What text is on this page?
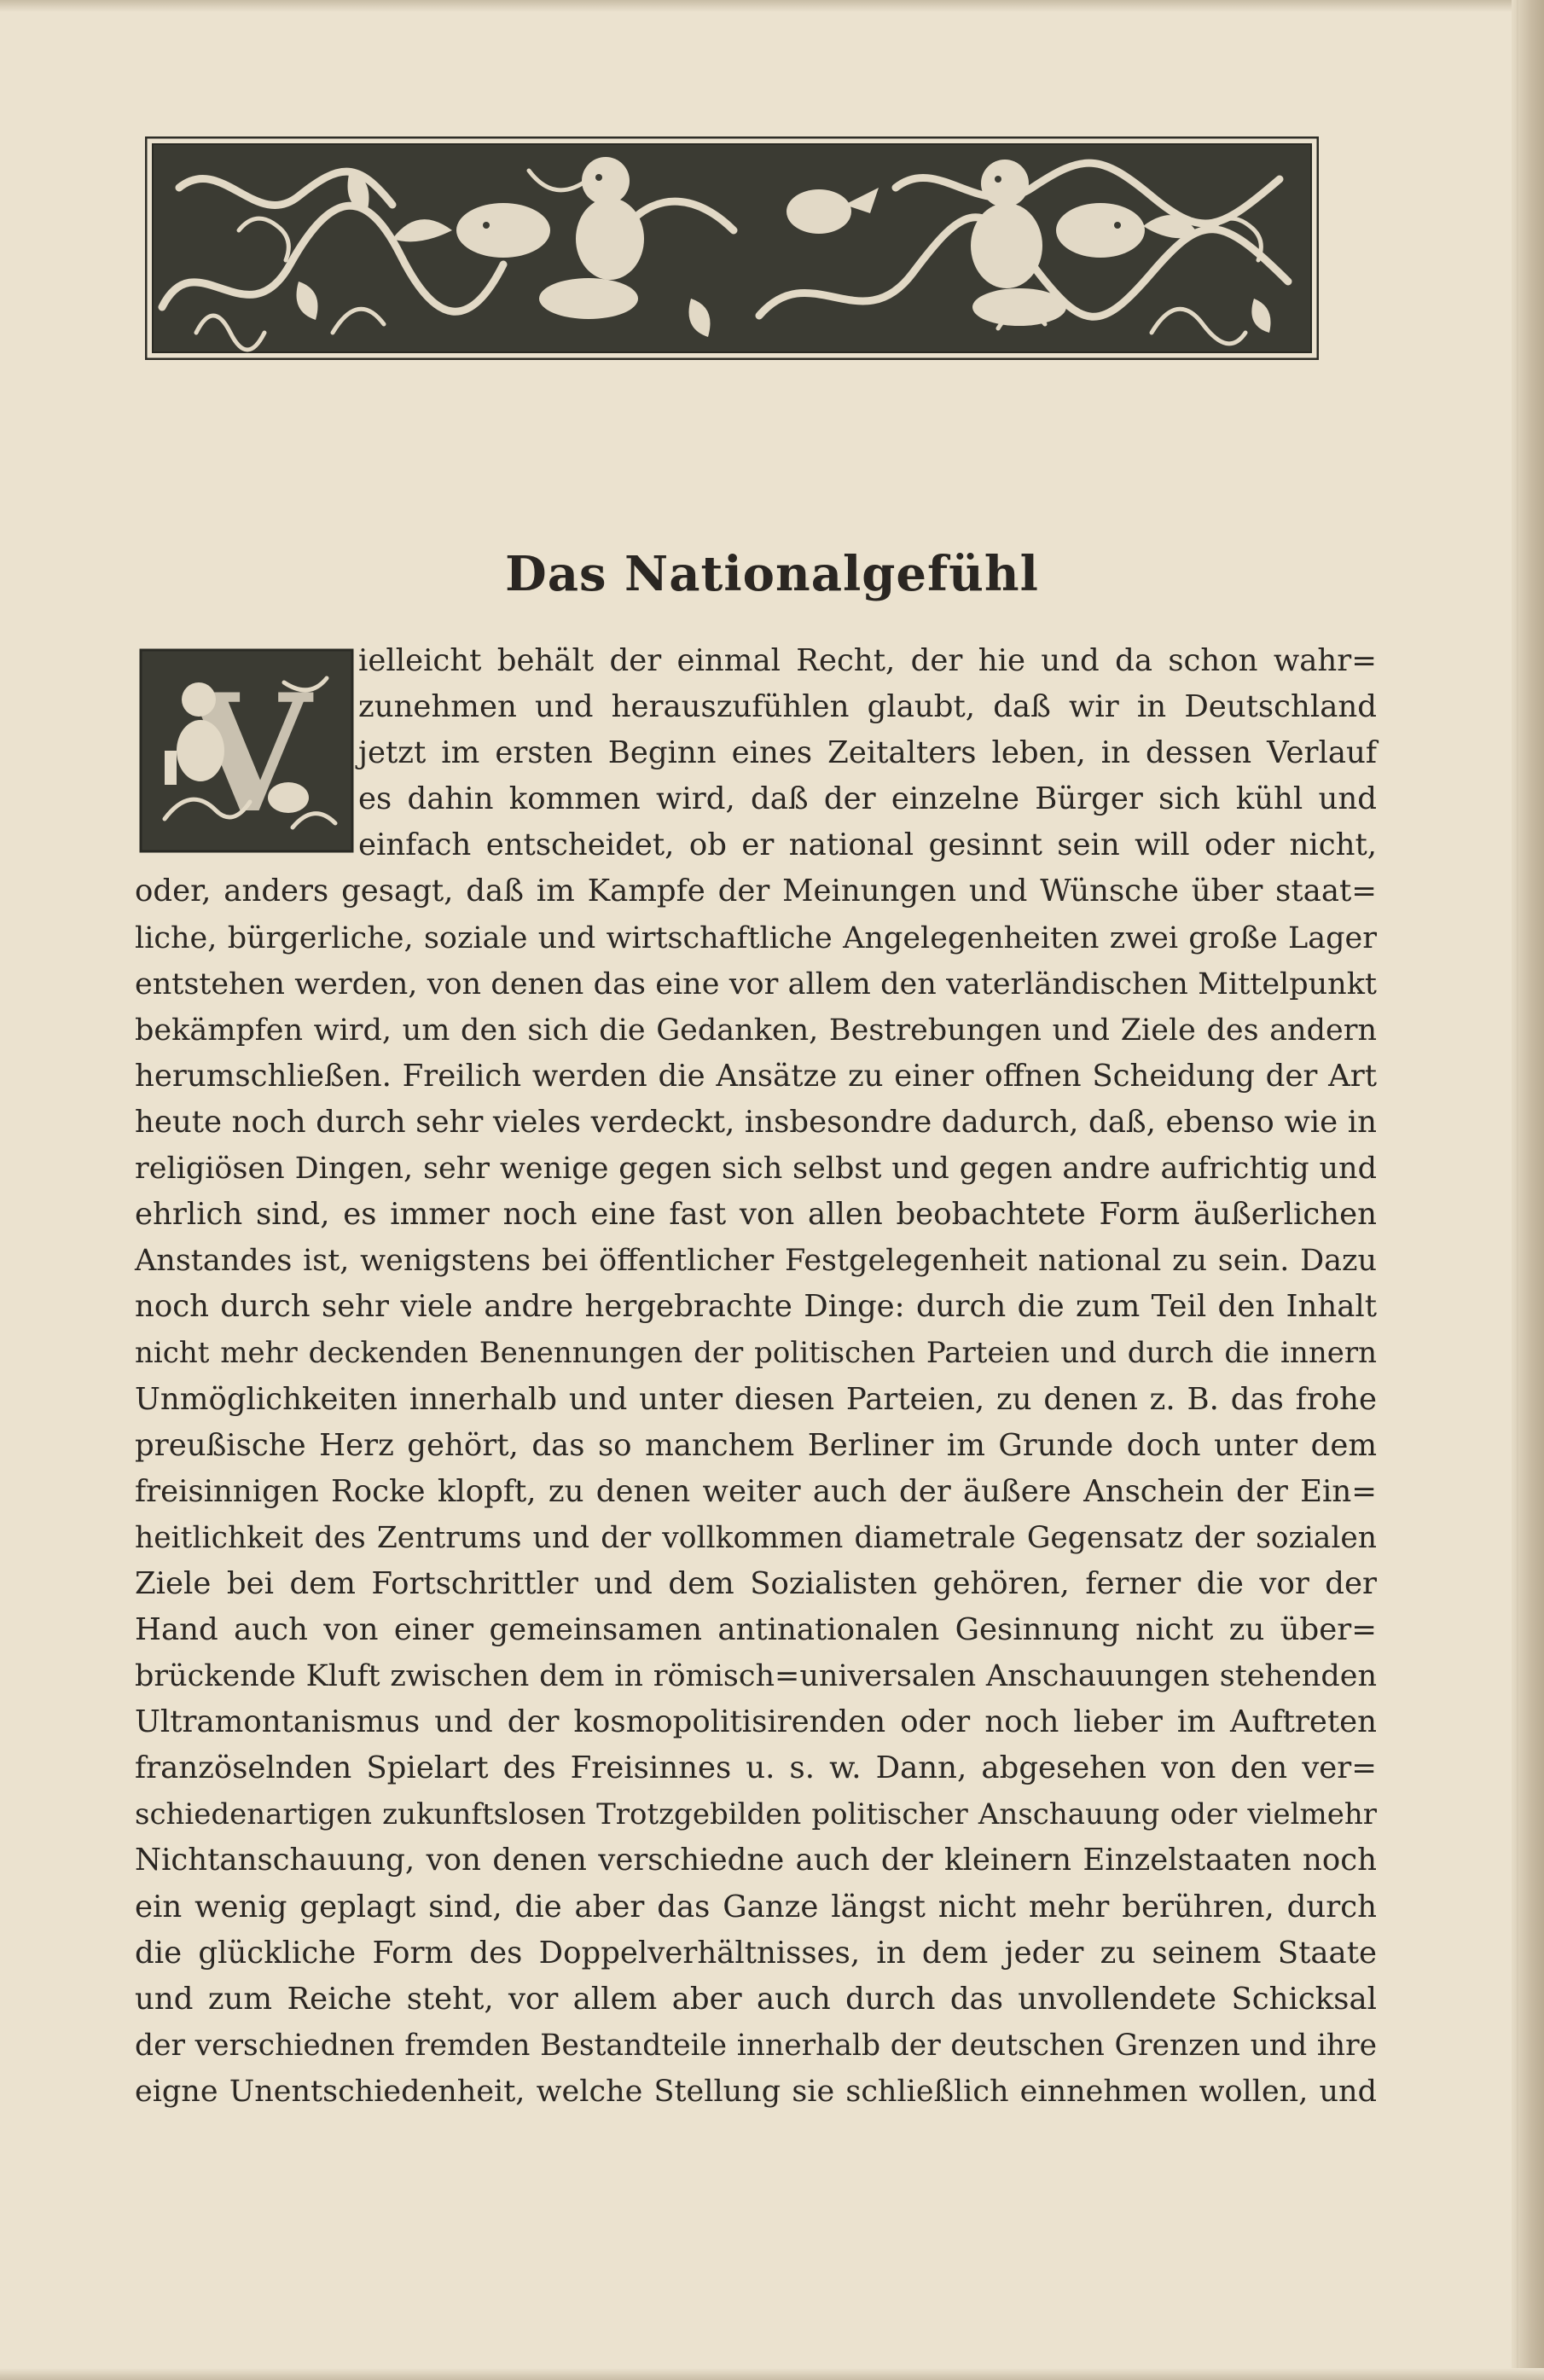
Das Nationalgefühl
V ielleicht behält der einmal Recht, der hie und da schon wahr=
zunehmen und herauszufühlen glaubt, daß wir in Deutschland
jetzt im ersten Beginn eines Zeitalters leben, in dessen Verlauf
es dahin kommen wird, daß der einzelne Bürger sich kühl und
einfach entscheidet, ob er national gesinnt sein will oder nicht,
oder, anders gesagt, daß im Kampfe der Meinungen und Wünsche über staat=
liche, bürgerliche, soziale und wirtschaftliche Angelegenheiten zwei große Lager
entstehen werden, von denen das eine vor allem den vaterländischen Mittelpunkt
bekämpfen wird, um den sich die Gedanken, Bestrebungen und Ziele des andern
herumschließen. Freilich werden die Ansätze zu einer offnen Scheidung der Art
heute noch durch sehr vieles verdeckt, insbesondre dadurch, daß, ebenso wie in
religiösen Dingen, sehr wenige gegen sich selbst und gegen andre aufrichtig und
ehrlich sind, es immer noch eine fast von allen beobachtete Form äußerlichen
Anstandes ist, wenigstens bei öffentlicher Festgelegenheit national zu sein. Dazu
noch durch sehr viele andre hergebrachte Dinge: durch die zum Teil den Inhalt
nicht mehr deckenden Benennungen der politischen Parteien und durch die innern
Unmöglichkeiten innerhalb und unter diesen Parteien, zu denen z. B. das frohe
preußische Herz gehört, das so manchem Berliner im Grunde doch unter dem
freisinnigen Rocke klopft, zu denen weiter auch der äußere Anschein der Ein=
heitlichkeit des Zentrums und der vollkommen diametrale Gegensatz der sozialen
Ziele bei dem Fortschrittler und dem Sozialisten gehören, ferner die vor der
Hand auch von einer gemeinsamen antinationalen Gesinnung nicht zu über=
brückende Kluft zwischen dem in römisch=universalen Anschauungen stehenden
Ultramontanismus und der kosmopolitisirenden oder noch lieber im Auftreten
französelnden Spielart des Freisinnes u. s. w. Dann, abgesehen von den ver=
schiedenartigen zukunftslosen Trotzgebilden politischer Anschauung oder vielmehr
Nichtanschauung, von denen verschiedne auch der kleinern Einzelstaaten noch
ein wenig geplagt sind, die aber das Ganze längst nicht mehr berühren, durch
die glückliche Form des Doppelverhältnisses, in dem jeder zu seinem Staate
und zum Reiche steht, vor allem aber auch durch das unvollendete Schicksal
der verschiednen fremden Bestandteile innerhalb der deutschen Grenzen und ihre
eigne Unentschiedenheit, welche Stellung sie schließlich einnehmen wollen, und
